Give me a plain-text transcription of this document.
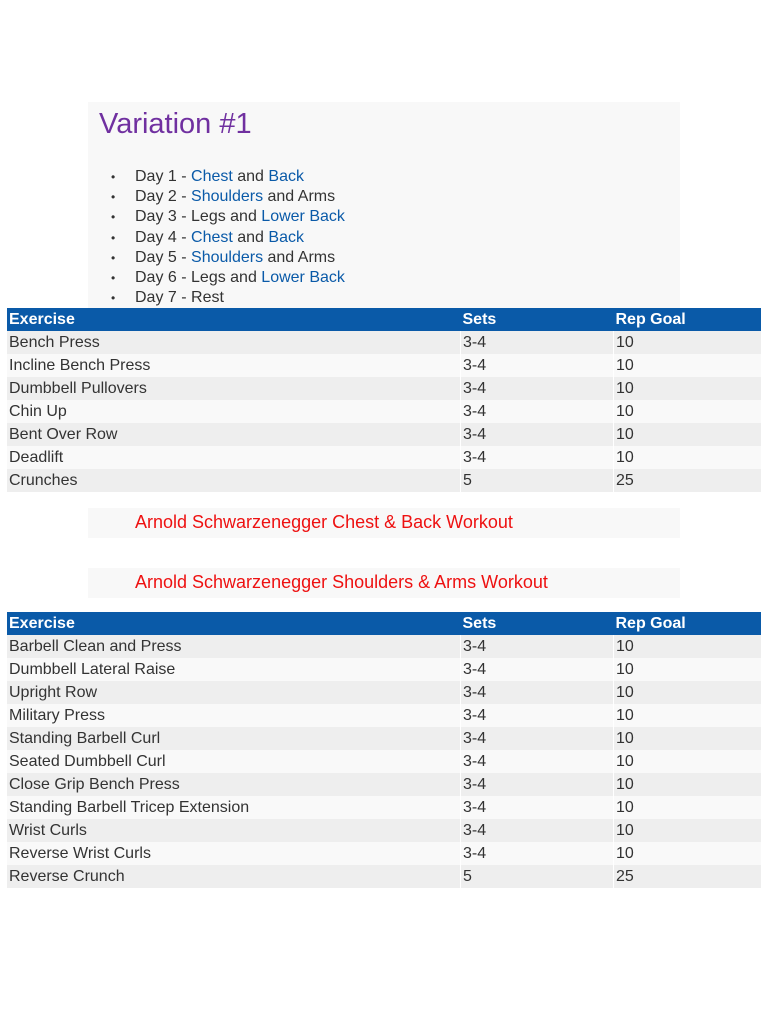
Variation #1
• Day 1 - Chest and Back
• Day 2 - Shoulders and Arms
• Day 3 - Legs and Lower Back
• Day 4 - Chest and Back
• Day 5 - Shoulders and Arms
• Day 6 - Legs and Lower Back
• Day 7 - Rest
Exercise	Sets	Rep Goal
Bench Press	3-4	10
Incline Bench Press	3-4	10
Dumbbell Pullovers	3-4	10
Chin Up	3-4	10
Bent Over Row	3-4	10
Deadlift	3-4	10
Crunches	5	25
Arnold Schwarzenegger Chest & Back Workout
Arnold Schwarzenegger Shoulders & Arms Workout
Exercise	Sets	Rep Goal
Barbell Clean and Press	3-4	10
Dumbbell Lateral Raise	3-4	10
Upright Row	3-4	10
Military Press	3-4	10
Standing Barbell Curl	3-4	10
Seated Dumbbell Curl	3-4	10
Close Grip Bench Press	3-4	10
Standing Barbell Tricep Extension	3-4	10
Wrist Curls	3-4	10
Reverse Wrist Curls	3-4	10
Reverse Crunch	5	25
